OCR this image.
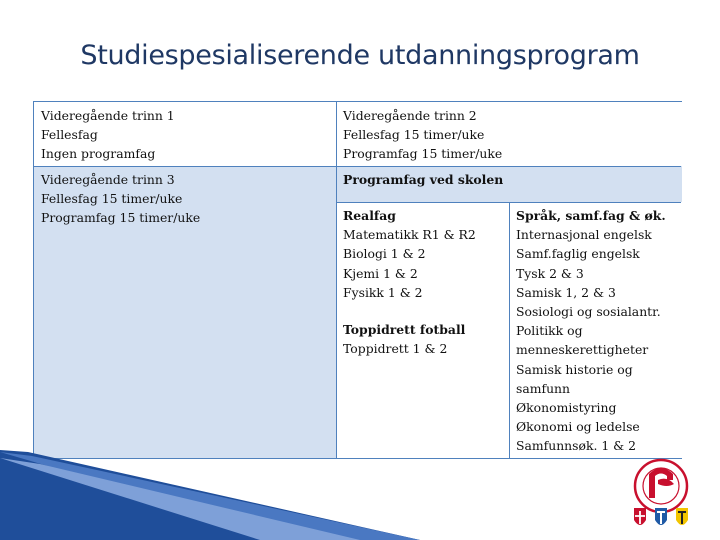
Studiespesialiserende utdanningsprogram
Videregående trinn 1
Fellesfag
Ingen programfag
Videregående trinn 2
Fellesfag 15 timer/uke
Programfag 15 timer/uke
Videregående trinn 3
Fellesfag 15 timer/uke
Programfag 15 timer/uke
Programfag ved skolen
Realfag
Matematikk R1 & R2
Biologi 1 & 2
Kjemi 1 & 2
Fysikk 1 & 2
Toppidrett fotball
Toppidrett 1 & 2
Språk, samf.fag & øk.
Internasjonal engelsk
Samf.faglig engelsk
Tysk 2 & 3
Samisk 1, 2 & 3
Sosiologi og sosialantr.
Politikk og
menneskerettigheter
Samisk historie og
samfunn
Økonomistyring
Økonomi og ledelse
Samfunnsøk. 1 & 2
